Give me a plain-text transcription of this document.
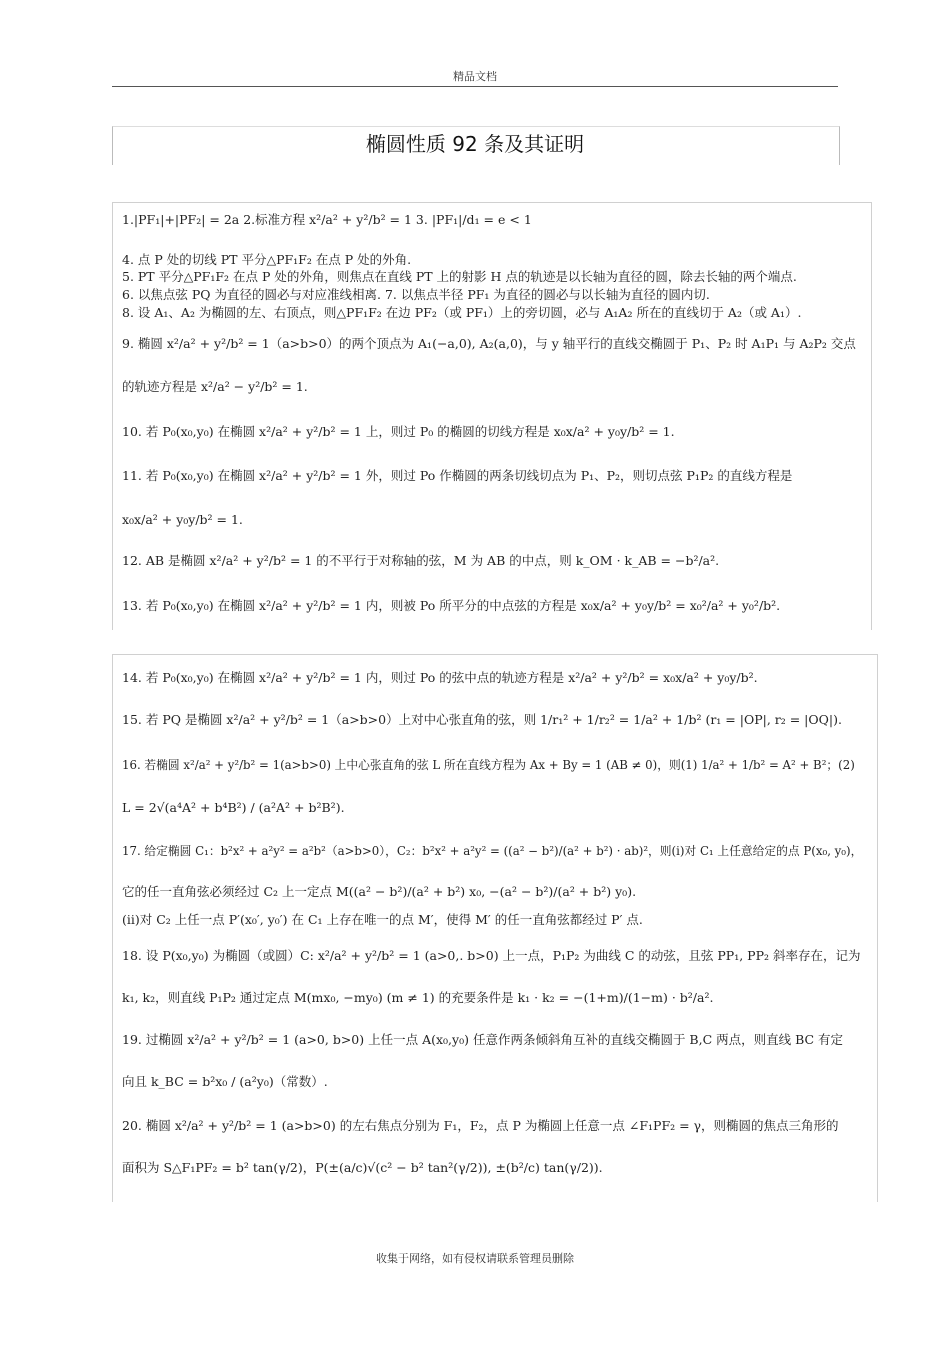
精品文档
椭圆性质 92 条及其证明
1.|PF₁|+|PF₂| = 2a 2.标准方程 x²/a² + y²/b² = 1 3. |PF₁|/d₁ = e < 1
4. 点 P 处的切线 PT 平分△PF₁F₂ 在点 P 处的外角.
5. PT 平分△PF₁F₂ 在点 P 处的外角，则焦点在直线 PT 上的射影 H 点的轨迹是以长轴为直径的圆，除去长轴的两个端点.
6. 以焦点弦 PQ 为直径的圆必与对应准线相离. 7. 以焦点半径 PF₁ 为直径的圆必与以长轴为直径的圆内切.
8. 设 A₁、A₂ 为椭圆的左、右顶点，则△PF₁F₂ 在边 PF₂（或 PF₁）上的旁切圆，必与 A₁A₂ 所在的直线切于 A₂（或 A₁）.
9. 椭圆 x²/a² + y²/b² = 1（a>b>0）的两个顶点为 A₁(−a,0), A₂(a,0)，与 y 轴平行的直线交椭圆于 P₁、P₂ 时 A₁P₁ 与 A₂P₂ 交点
的轨迹方程是 x²/a² − y²/b² = 1.
10. 若 P₀(x₀,y₀) 在椭圆 x²/a² + y²/b² = 1 上，则过 P₀ 的椭圆的切线方程是 x₀x/a² + y₀y/b² = 1.
11. 若 P₀(x₀,y₀) 在椭圆 x²/a² + y²/b² = 1 外，则过 Po 作椭圆的两条切线切点为 P₁、P₂，则切点弦 P₁P₂ 的直线方程是
x₀x/a² + y₀y/b² = 1.
12. AB 是椭圆 x²/a² + y²/b² = 1 的不平行于对称轴的弦，M 为 AB 的中点，则 k_OM · k_AB = −b²/a².
13. 若 P₀(x₀,y₀) 在椭圆 x²/a² + y²/b² = 1 内，则被 Po 所平分的中点弦的方程是 x₀x/a² + y₀y/b² = x₀²/a² + y₀²/b².
14. 若 P₀(x₀,y₀) 在椭圆 x²/a² + y²/b² = 1 内，则过 Po 的弦中点的轨迹方程是 x²/a² + y²/b² = x₀x/a² + y₀y/b².
15. 若 PQ 是椭圆 x²/a² + y²/b² = 1（a>b>0）上对中心张直角的弦，则 1/r₁² + 1/r₂² = 1/a² + 1/b² (r₁ = |OP|, r₂ = |OQ|).
16. 若椭圆 x²/a² + y²/b² = 1(a>b>0) 上中心张直角的弦 L 所在直线方程为 Ax + By = 1 (AB ≠ 0)，则(1) 1/a² + 1/b² = A² + B²；(2)
L = 2√(a⁴A² + b⁴B²) / (a²A² + b²B²).
17. 给定椭圆 C₁：b²x² + a²y² = a²b²（a>b>0），C₂：b²x² + a²y² = ((a² − b²)/(a² + b²) · ab)²，则(i)对 C₁ 上任意给定的点 P(x₀, y₀)，
它的任一直角弦必须经过 C₂ 上一定点 M((a² − b²)/(a² + b²) x₀, −(a² − b²)/(a² + b²) y₀).
(ii)对 C₂ 上任一点 P′(x₀′, y₀′) 在 C₁ 上存在唯一的点 M′，使得 M′ 的任一直角弦都经过 P′ 点.
18. 设 P(x₀,y₀) 为椭圆（或圆）C: x²/a² + y²/b² = 1 (a>0,. b>0) 上一点，P₁P₂ 为曲线 C 的动弦，且弦 PP₁, PP₂ 斜率存在，记为
k₁, k₂，则直线 P₁P₂ 通过定点 M(mx₀, −my₀) (m ≠ 1) 的充要条件是 k₁ · k₂ = −(1+m)/(1−m) · b²/a².
19. 过椭圆 x²/a² + y²/b² = 1 (a>0, b>0) 上任一点 A(x₀,y₀) 任意作两条倾斜角互补的直线交椭圆于 B,C 两点，则直线 BC 有定
向且 k_BC = b²x₀ / (a²y₀)（常数）.
20. 椭圆 x²/a² + y²/b² = 1 (a>b>0) 的左右焦点分别为 F₁，F₂，点 P 为椭圆上任意一点 ∠F₁PF₂ = γ，则椭圆的焦点三角形的
面积为 S△F₁PF₂ = b² tan(γ/2)，P(±(a/c)√(c² − b² tan²(γ/2)), ±(b²/c) tan(γ/2)).
收集于网络，如有侵权请联系管理员删除
